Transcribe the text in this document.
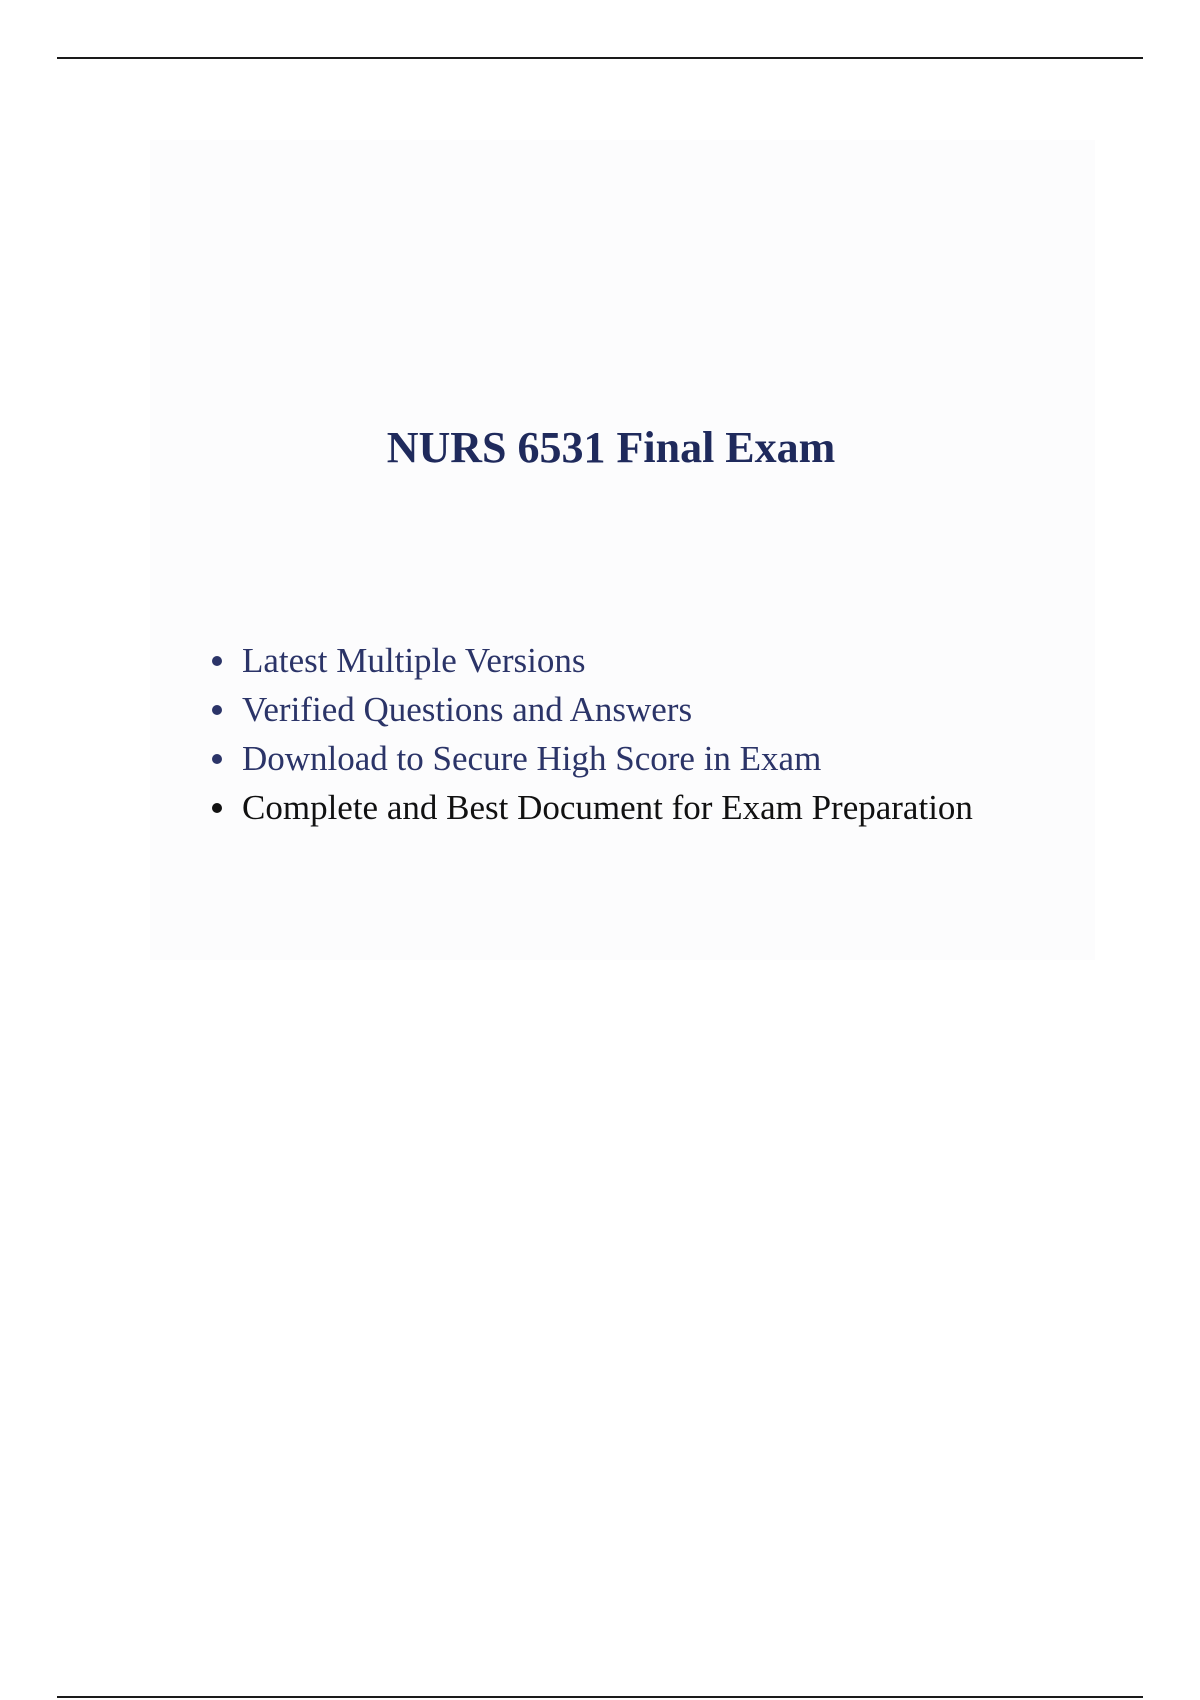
NURS 6531 Final Exam
Latest Multiple Versions
Verified Questions and Answers
Download to Secure High Score in Exam
Complete and Best Document for Exam Preparation
